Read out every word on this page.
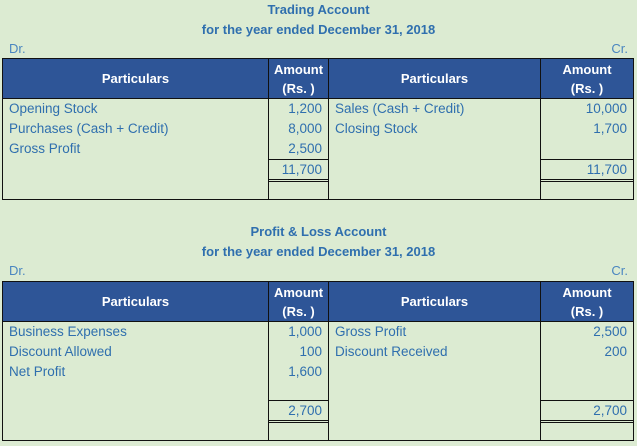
Trading Account
for the year ended December 31, 2018
Dr.	Cr.
Particulars
Amount
(Rs. )
Particulars
Amount
(Rs. )
Opening Stock
Purchases (Cash + Credit)
Gross Profit
1,200
8,000
2,500
11,700
Sales (Cash + Credit)
Closing Stock
10,000
1,700
11,700
Profit & Loss Account
for the year ended December 31, 2018
Dr.	Cr.
Particulars
Amount
(Rs. )
Particulars
Amount
(Rs. )
Business Expenses
Discount Allowed
Net Profit
1,000
100
1,600
2,700
Gross Profit
Discount Received
2,500
200
2,700
